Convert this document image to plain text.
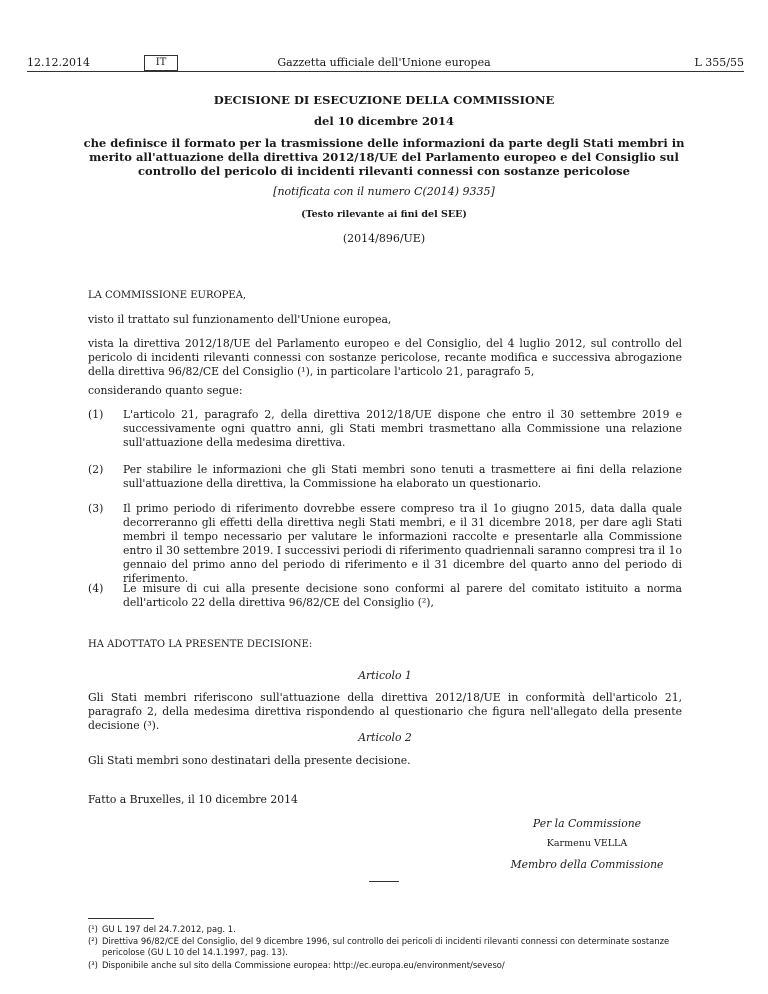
12.12.2014	IT	Gazzetta ufficiale dell'Unione europea	L 355/55
DECISIONE DI ESECUZIONE DELLA COMMISSIONE
del 10 dicembre 2014
che definisce il formato per la trasmissione delle informazioni da parte degli Stati membri in merito all'attuazione della direttiva 2012/18/UE del Parlamento europeo e del Consiglio sul controllo del pericolo di incidenti rilevanti connessi con sostanze pericolose
[notificata con il numero C(2014) 9335]
(Testo rilevante ai fini del SEE)
(2014/896/UE)
LA COMMISSIONE EUROPEA,
visto il trattato sul funzionamento dell'Unione europea,
vista la direttiva 2012/18/UE del Parlamento europeo e del Consiglio, del 4 luglio 2012, sul controllo del pericolo di incidenti rilevanti connessi con sostanze pericolose, recante modifica e successiva abrogazione della direttiva 96/82/CE del Consiglio (¹), in particolare l'articolo 21, paragrafo 5,
considerando quanto segue:
(1) L'articolo 21, paragrafo 2, della direttiva 2012/18/UE dispone che entro il 30 settembre 2019 e successivamente ogni quattro anni, gli Stati membri trasmettano alla Commissione una relazione sull'attuazione della medesima direttiva.
(2) Per stabilire le informazioni che gli Stati membri sono tenuti a trasmettere ai fini della relazione sull'attuazione della direttiva, la Commissione ha elaborato un questionario.
(3) Il primo periodo di riferimento dovrebbe essere compreso tra il 1o giugno 2015, data dalla quale decorreranno gli effetti della direttiva negli Stati membri, e il 31 dicembre 2018, per dare agli Stati membri il tempo necessario per valutare le informazioni raccolte e presentarle alla Commissione entro il 30 settembre 2019. I successivi periodi di riferimento quadriennali saranno compresi tra il 1o gennaio del primo anno del periodo di riferimento e il 31 dicembre del quarto anno del periodo di riferimento.
(4) Le misure di cui alla presente decisione sono conformi al parere del comitato istituito a norma dell'articolo 22 della direttiva 96/82/CE del Consiglio (²),
HA ADOTTATO LA PRESENTE DECISIONE:
Articolo 1
Gli Stati membri riferiscono sull'attuazione della direttiva 2012/18/UE in conformità dell'articolo 21, paragrafo 2, della medesima direttiva rispondendo al questionario che figura nell'allegato della presente decisione (³).
Articolo 2
Gli Stati membri sono destinatari della presente decisione.
Fatto a Bruxelles, il 10 dicembre 2014
Per la Commissione
Karmenu VELLA
Membro della Commissione
(¹) GU L 197 del 24.7.2012, pag. 1.
(²) Direttiva 96/82/CE del Consiglio, del 9 dicembre 1996, sul controllo dei pericoli di incidenti rilevanti connessi con determinate sostanze pericolose (GU L 10 del 14.1.1997, pag. 13).
(³) Disponibile anche sul sito della Commissione europea: http://ec.europa.eu/environment/seveso/
